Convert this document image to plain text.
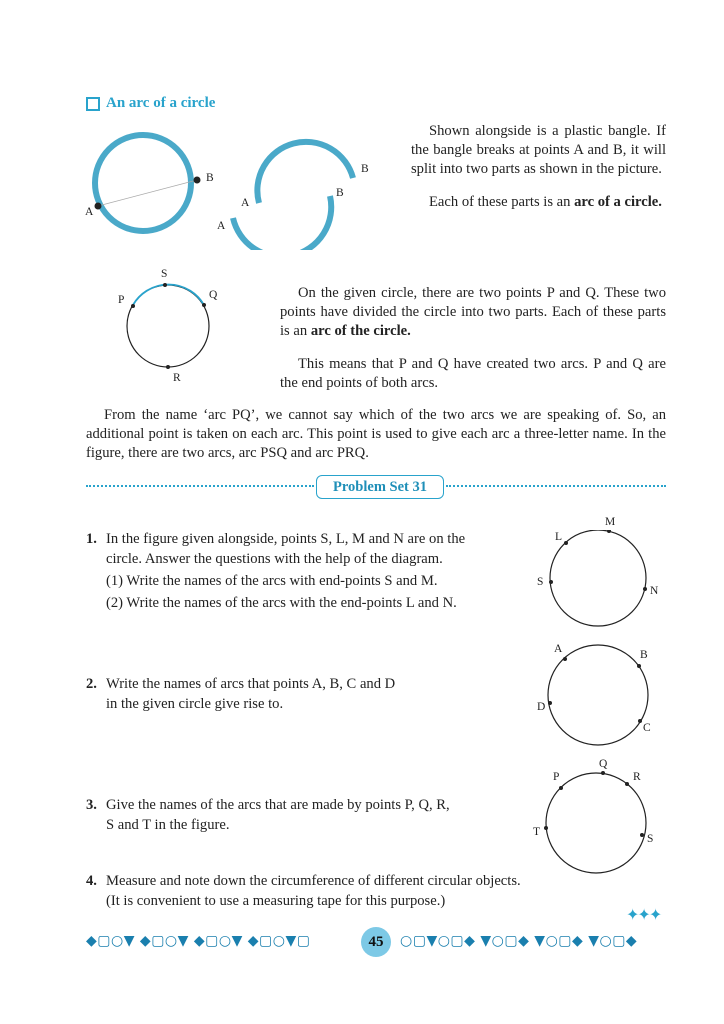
An arc of a circle
A
B
A
A
B
B

Shown alongside is a plastic bangle. If the bangle breaks at points A and B, it will split into two parts as shown in the picture.

Each of these parts is an arc of a circle.

S
P	Q
R

On the given circle, there are two points P and Q. These two points have divided the circle into two parts. Each of these parts is an arc of the circle.

This means that P and Q have created two arcs. P and Q are the end points of both arcs.

From the name ‘arc PQ’, we cannot say which of the two arcs we are speaking of. So, an additional point is taken on each arc. This point is used to give each arc a three-letter name. In the figure, there are two arcs, arc PSQ and arc PRQ.

Problem Set 31
1. In the figure given alongside, points S, L, M and N are on the
circle. Answer the questions with the help of the diagram.
(1) Write the names of the arcs with end-points S and M.
(2) Write the names of the arcs with the end-points L and N.
L
M
S
N
2. Write the names of arcs that points A, B, C and D
in the given circle give rise to.
A	B
D
C
3. Give the names of the arcs that are made by points P, Q, R,
S and T in the figure.
P
Q
R
T
S
4. Measure and note down the circumference of different circular objects.
(It is convenient to use a measuring tape for this purpose.)
✦✦✦
◆▢○▼ ◆▢○▼ ◆▢○▼ ◆▢○▼▢	45	○▢▼○▢◆ ▼○▢◆ ▼○▢◆ ▼○▢◆
